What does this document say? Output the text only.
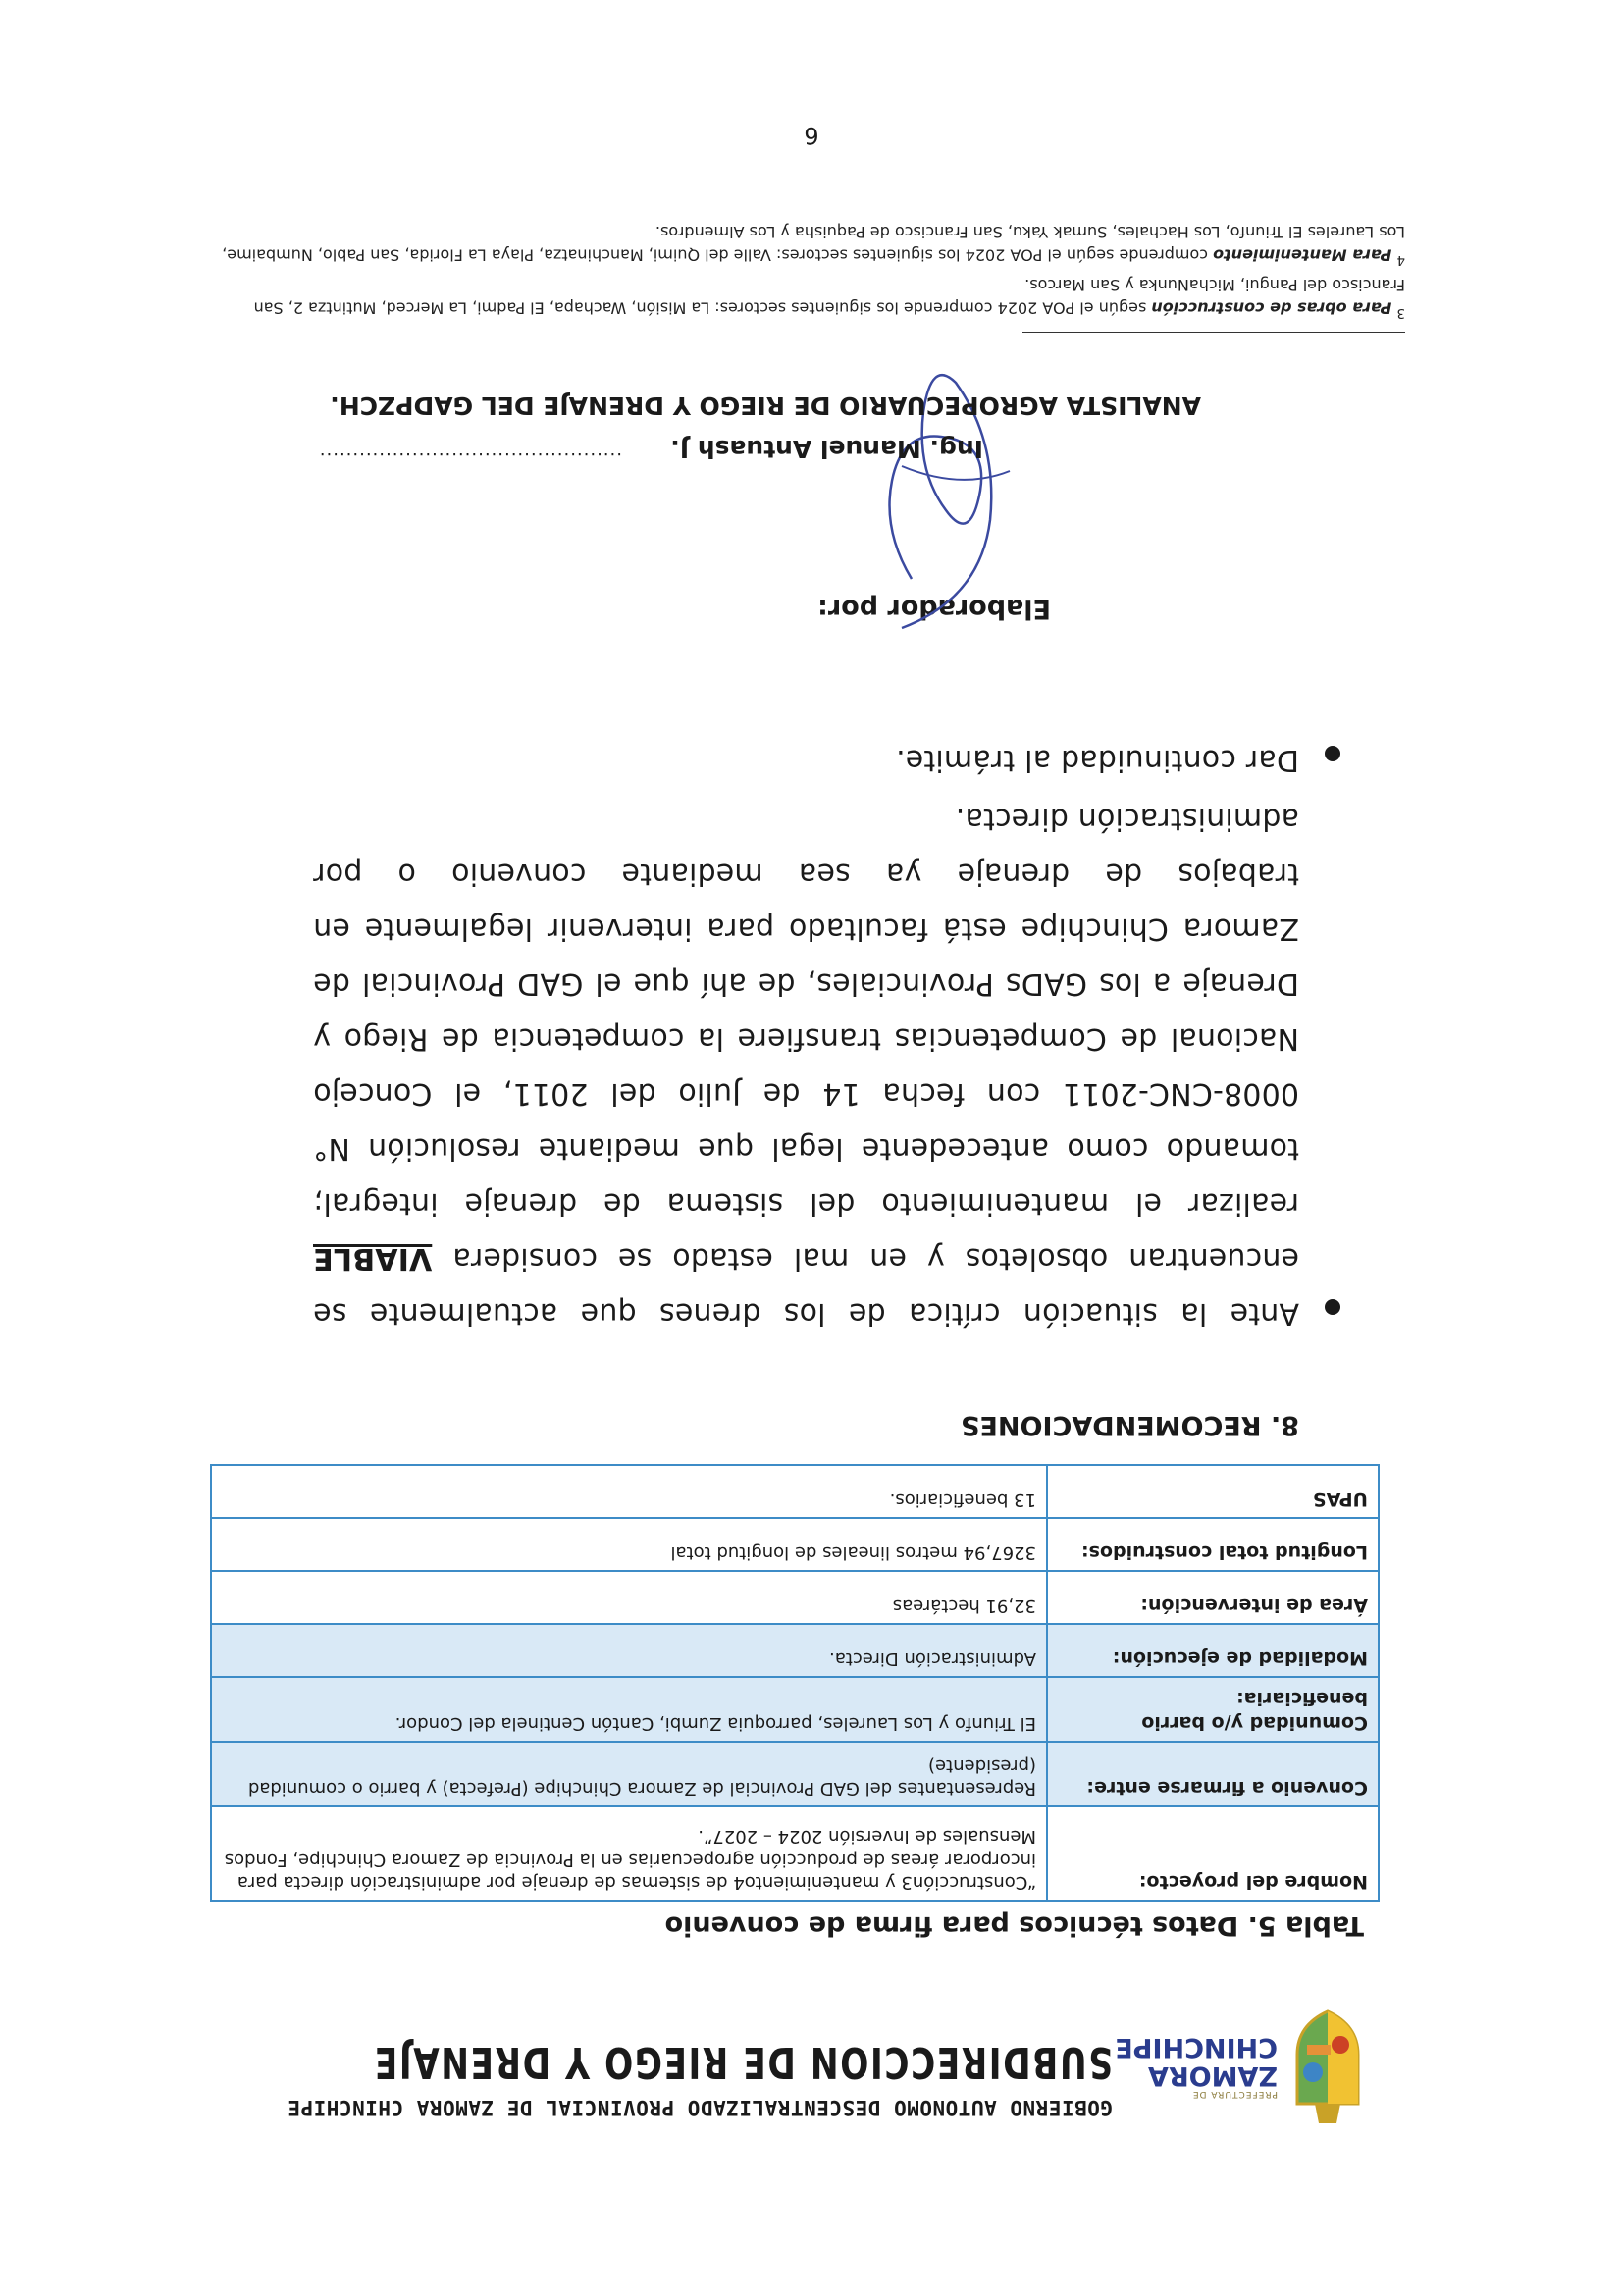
PREFECTURA DE
ZAMORA
CHINCHIPE
GOBIERNO AUTONOMO DESCENTRALIZADO PROVINCIAL DE ZAMORA CHINCHIPE
SUBDIRECCION DE RIEGO Y DRENAJE
Tabla 5. Datos técnicos para firma de convenio
Nombre del proyecto:	“Construcción3 y mantenimiento4 de sistemas de drenaje por administración directa para incorporar áreas de producción agropecuarias en la Provincia de Zamora Chinchipe, Fondos Mensuales de Inversión 2024 – 2027”.
Convenio a firmarse entre:	Representantes del GAD Provincial de Zamora Chinchipe (Prefecta) y barrio o comunidad (presidente)
Comunidad y/o barrio beneficiaria:	El Triunfo y Los Laureles, parroquia Zumbi, Cantón Centinela del Condor.
Modalidad de ejecución:	Administración Directa.
Área de intervención:	32,91 hectáreas
Longitud total construidos:	3267,94 metros lineales de longitud total
UPAS	13 beneficiarios.
8. RECOMENDACIONES
Ante la situación crítica de los drenes que actualmente se encuentran obsoletos y en mal estado se considera VIABLE realizar el mantenimiento del sistema de drenaje integral; tomando como antecedente legal que mediante resolución N° 0008-CNC-2011 con fecha 14 de Julio del 2011, el Concejo Nacional de Competencias transfiere la competencia de Riego y Drenaje a los GADs Provinciales, de ahí que el GAD Provincial de Zamora Chinchipe está facultado para intervenir legalmente en trabajos de drenaje ya sea mediante convenio o por administración directa.
Dar continuidad al trámite.
Elaborador por:
.............................................. Ing. Manuel Antuash J.
ANALISTA AGROPECUARIO DE RIEGO Y DRENAJE DEL GADPZCH.
$^3$ Para obras de construcción según el POA 2024 comprende los siguientes sectores: La Misión, Wachapa, El Padmi, La Merced, Mutintza 2, San Francisco del Pangui, MichaNunka y San Marcos.
$^4$ Para Mantenimiento comprende según el POA 2024 los siguientes sectores: Valle del Quimi, Manchinatza, Playa La Florida, San Pablo, Numbaime, Los Laureles El Triunfo, Los Hachales, Sumak Yaku, San Francisco de Paquisha y Los Almendros.
6
